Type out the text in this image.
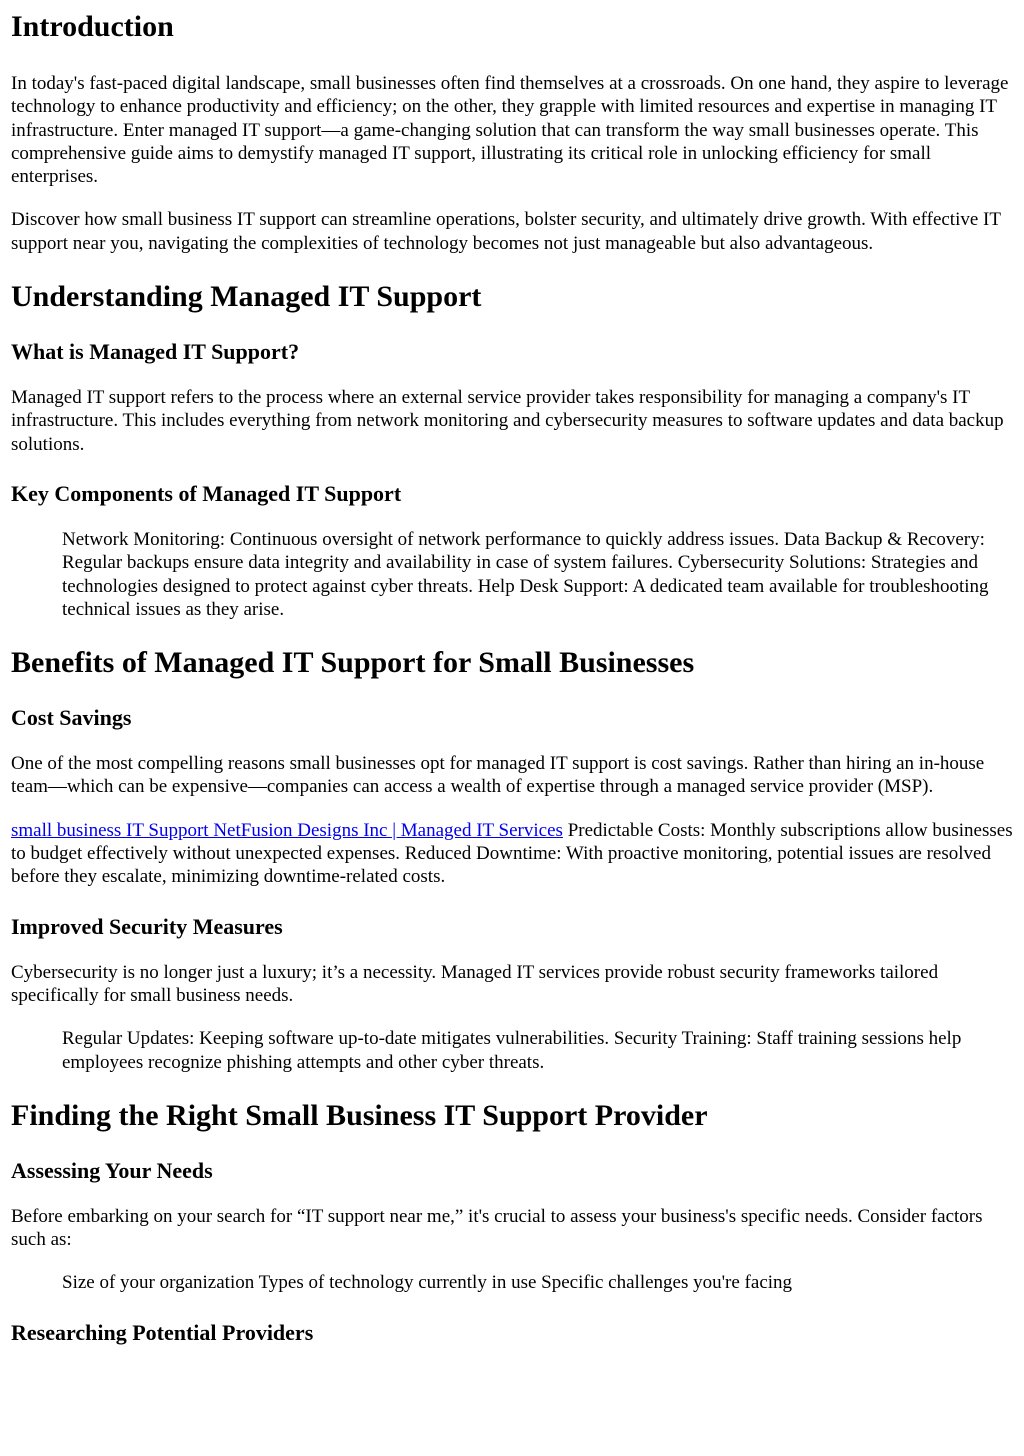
Introduction

In today's fast-paced digital landscape, small businesses often find themselves at a crossroads. On one hand, they aspire to leverage technology to enhance productivity and efficiency; on the other, they grapple with limited resources and expertise in managing IT infrastructure. Enter managed IT support—a game-changing solution that can transform the way small businesses operate. This comprehensive guide aims to demystify managed IT support, illustrating its critical role in unlocking efficiency for small enterprises.

Discover how small business IT support can streamline operations, bolster security, and ultimately drive growth. With effective IT support near you, navigating the complexities of technology becomes not just manageable but also advantageous.

Understanding Managed IT Support
What is Managed IT Support?

Managed IT support refers to the process where an external service provider takes responsibility for managing a company's IT infrastructure. This includes everything from network monitoring and cybersecurity measures to software updates and data backup solutions.

Key Components of Managed IT Support

Network Monitoring: Continuous oversight of network performance to quickly address issues. Data Backup & Recovery: Regular backups ensure data integrity and availability in case of system failures. Cybersecurity Solutions: Strategies and technologies designed to protect against cyber threats. Help Desk Support: A dedicated team available for troubleshooting technical issues as they arise.

Benefits of Managed IT Support for Small Businesses
Cost Savings

One of the most compelling reasons small businesses opt for managed IT support is cost savings. Rather than hiring an in-house team—which can be expensive—companies can access a wealth of expertise through a managed service provider (MSP).

small business IT Support NetFusion Designs Inc | Managed IT Services Predictable Costs: Monthly subscriptions allow businesses to budget effectively without unexpected expenses. Reduced Downtime: With proactive monitoring, potential issues are resolved before they escalate, minimizing downtime-related costs.

Improved Security Measures

Cybersecurity is no longer just a luxury; it’s a necessity. Managed IT services provide robust security frameworks tailored specifically for small business needs.

Regular Updates: Keeping software up-to-date mitigates vulnerabilities. Security Training: Staff training sessions help employees recognize phishing attempts and other cyber threats.

Finding the Right Small Business IT Support Provider
Assessing Your Needs

Before embarking on your search for “IT support near me,” it's crucial to assess your business's specific needs. Consider factors such as:

Size of your organization Types of technology currently in use Specific challenges you're facing

Researching Potential Providers
